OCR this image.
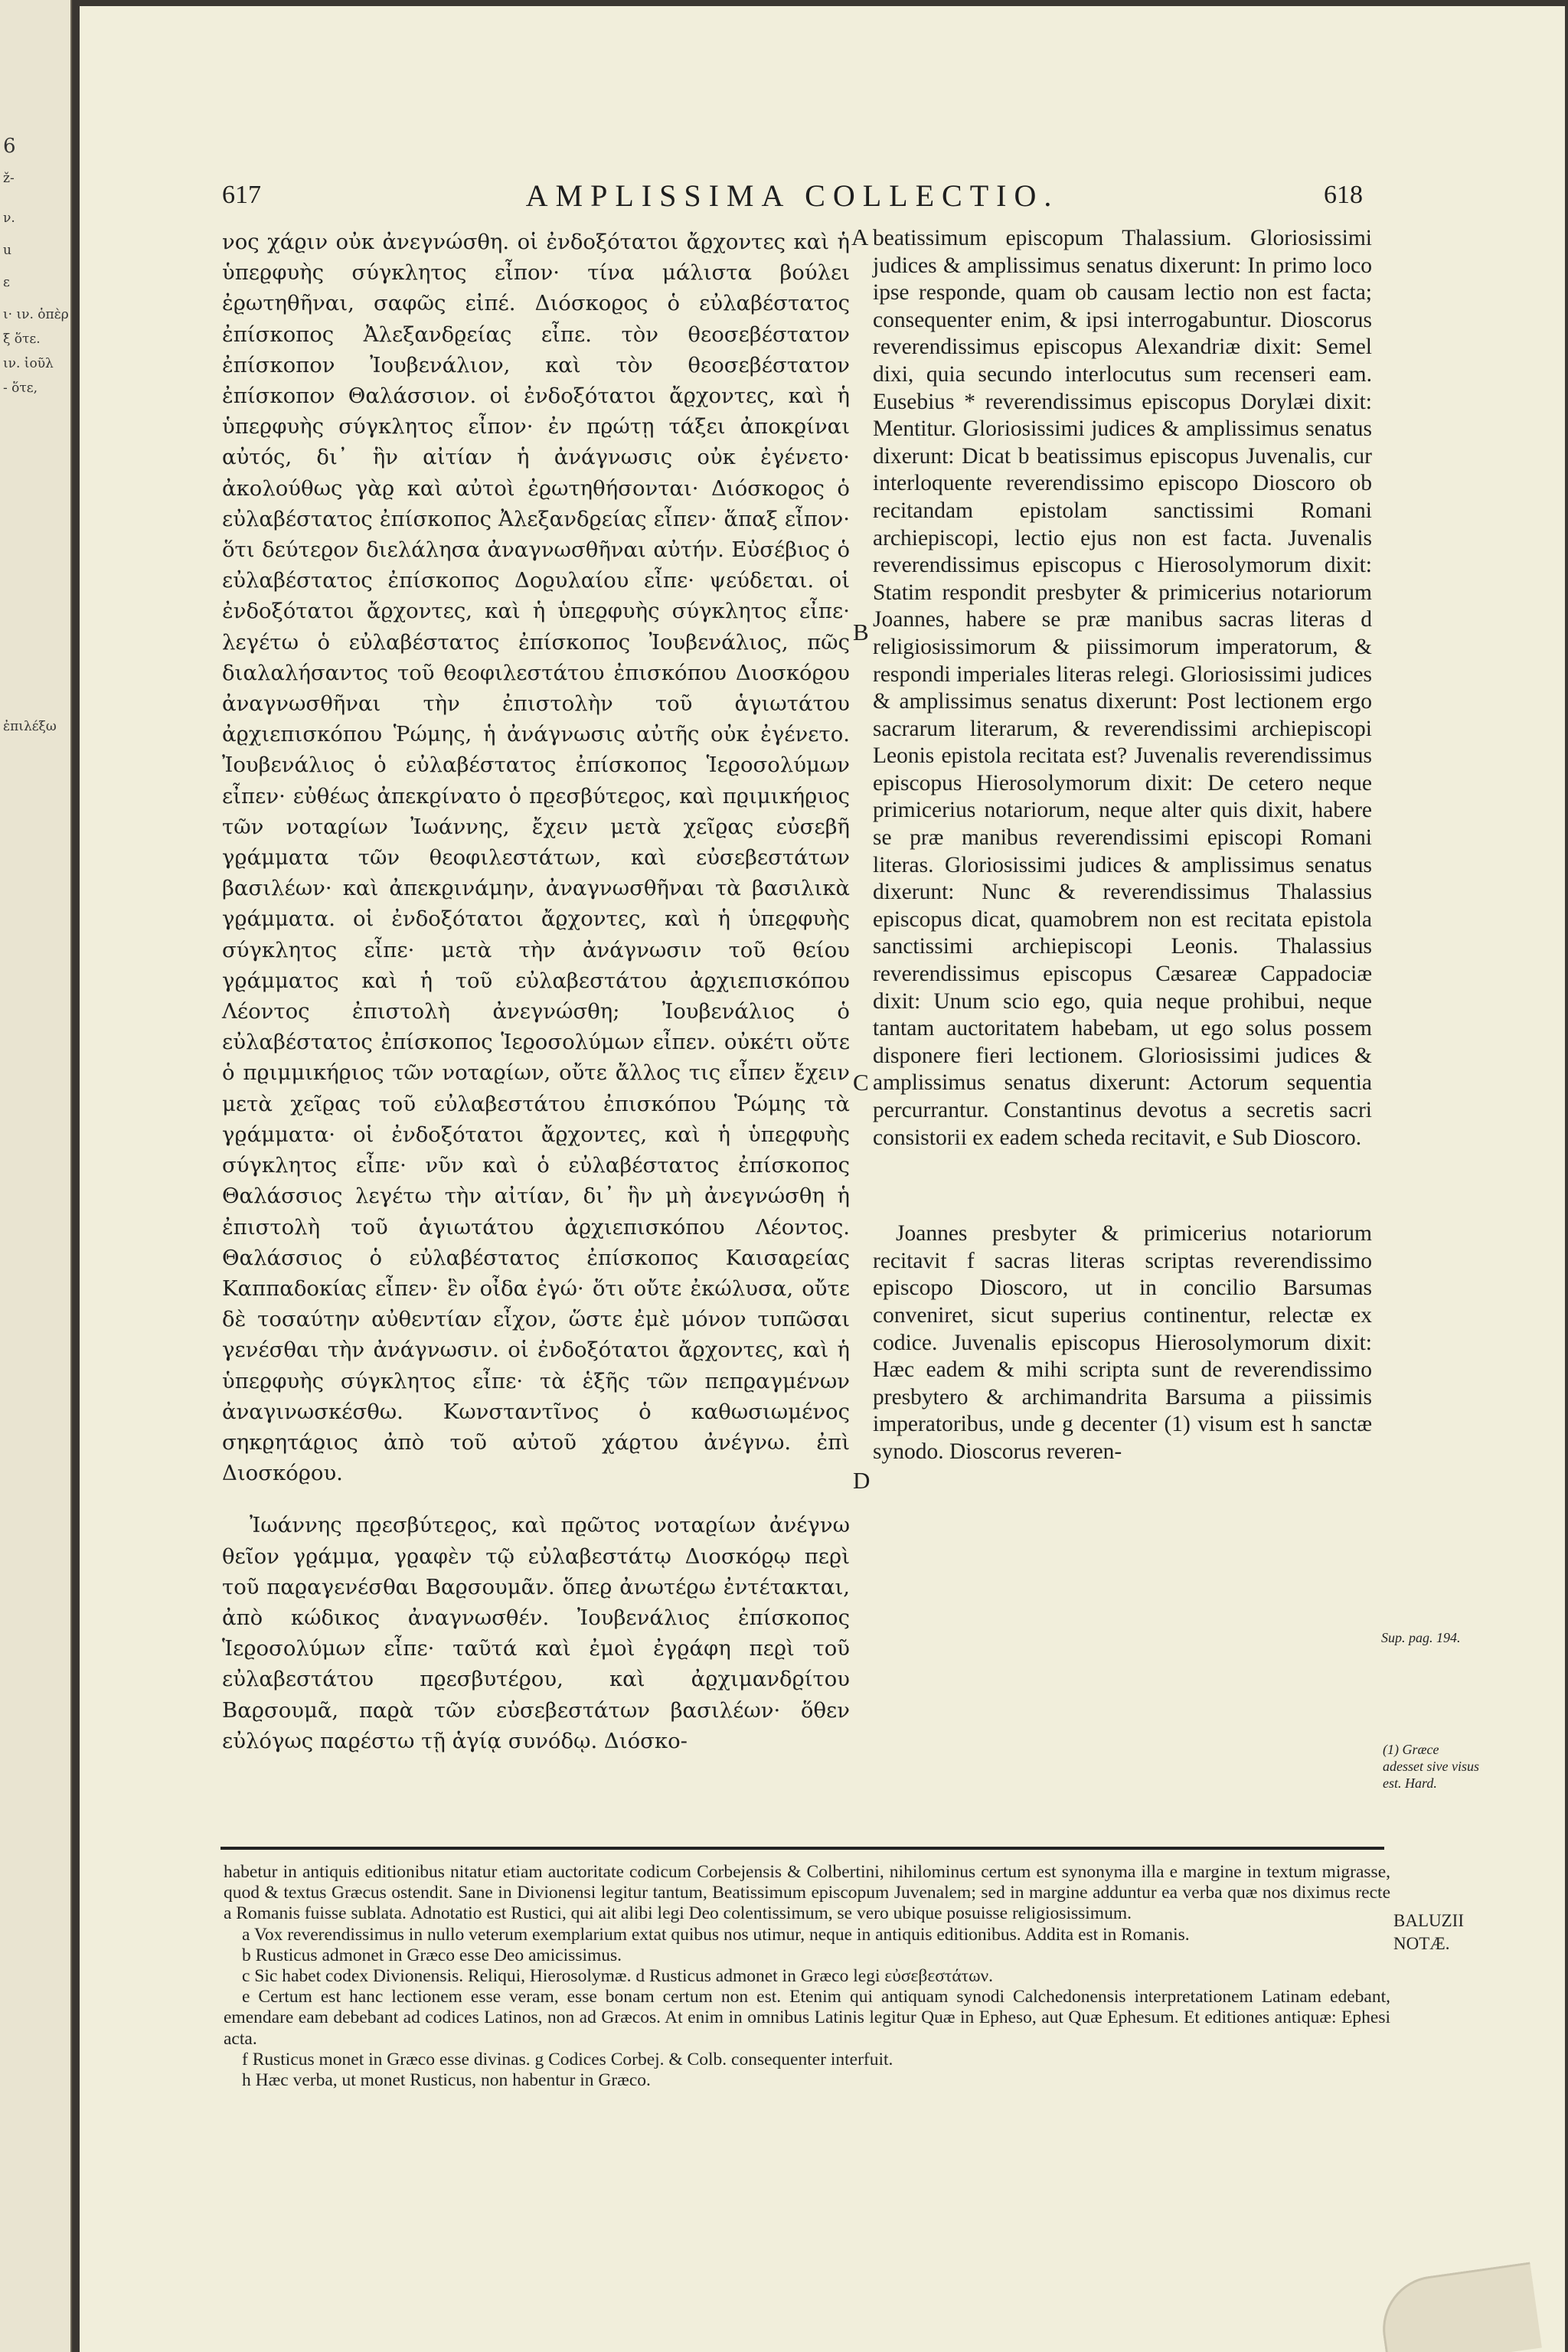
6
ž-
ν.
u
ε
ι· ιν. ὁπὲρ
ξ ὅτε.
ιν. ἰοῦλ
- ὅτε,
ἐπιλέξω
617	AMPLISSIMA COLLECTIO.	618

νος χάϱιν οὐκ ἀνεγνώσθη. οἱ ἐνδοξότατοι ἄϱχοντες καὶ ἡ ὑπεϱφυὴς σύγκλητος εἶπον· τίνα μάλιστα βούλει ἐϱωτηθῆναι, σαφῶς εἰπέ. Διόσκοϱος ὁ εὐλαβέστατος ἐπίσκοπος Ἀλεξανδϱείας εἶπε. τὸν θεοσεβέστατον ἐπίσκοπον Ἰουβενάλιον, καὶ τὸν θεοσεβέστατον ἐπίσκοπον Θαλάσσιον. οἱ ἐνδοξότατοι ἄϱχοντες, καὶ ἡ ὑπεϱφυὴς σύγκλητος εἶπον· ἐν πϱώτῃ τάξει ἀποκϱίναι αὐτός, δι᾽ ἣν αἰτίαν ἡ ἀνάγνωσις οὐκ ἐγένετο· ἀκολούθως γὰϱ καὶ αὐτοὶ ἐϱωτηθήσονται· Διόσκοϱος ὁ εὐλαβέστατος ἐπίσκοπος Ἀλεξανδϱείας εἶπεν· ἅπαξ εἶπον· ὅτι δεύτεϱον διελάλησα ἀναγνωσθῆναι αὐτήν. Εὐσέβιος ὁ εὐλαβέστατος ἐπίσκοπος Δοϱυλαίου εἶπε· ψεύδεται. οἱ ἐνδοξότατοι ἄϱχοντες, καὶ ἡ ὑπεϱφυὴς σύγκλητος εἶπε· λεγέτω ὁ εὐλαβέστατος ἐπίσκοπος Ἰουβενάλιος, πῶς διαλαλήσαντος τοῦ θεοφιλεστάτου ἐπισκόπου Διοσκόϱου ἀναγνωσθῆναι τὴν ἐπιστολὴν τοῦ ἁγιωτάτου ἀϱχιεπισκόπου Ῥώμης, ἡ ἀνάγνωσις αὐτῆς οὐκ ἐγένετο. Ἰουβενάλιος ὁ εὐλαβέστατος ἐπίσκοπος Ἱεϱοσολύμων εἶπεν· εὐθέως ἀπεκϱίνατο ὁ πϱεσβύτεϱος, καὶ πϱιμικήϱιος τῶν νοταϱίων Ἰωάννης, ἔχειν μετὰ χεῖϱας εὐσεβῆ γϱάμματα τῶν θεοφιλεστάτων, καὶ εὐσεβεστάτων βασιλέων· καὶ ἀπεκϱινάμην, ἀναγνωσθῆναι τὰ βασιλικὰ γϱάμματα. οἱ ἐνδοξότατοι ἄϱχοντες, καὶ ἡ ὑπεϱφυὴς σύγκλητος εἶπε· μετὰ τὴν ἀνάγνωσιν τοῦ θείου γϱάμματος καὶ ἡ τοῦ εὐλαβεστάτου ἀϱχιεπισκόπου Λέοντος ἐπιστολὴ ἀνεγνώσθη; Ἰουβενάλιος ὁ εὐλαβέστατος ἐπίσκοπος Ἱεϱοσολύμων εἶπεν. οὐκέτι οὔτε ὁ πϱιμμικήϱιος τῶν νοταϱίων, οὔτε ἄλλος τις εἶπεν ἔχειν μετὰ χεῖϱας τοῦ εὐλαβεστάτου ἐπισκόπου Ῥώμης τὰ γϱάμματα· οἱ ἐνδοξότατοι ἄϱχοντες, καὶ ἡ ὑπεϱφυὴς σύγκλητος εἶπε· νῦν καὶ ὁ εὐλαβέστατος ἐπίσκοπος Θαλάσσιος λεγέτω τὴν αἰτίαν, δι᾽ ἣν μὴ ἀνεγνώσθη ἡ ἐπιστολὴ τοῦ ἁγιωτάτου ἀϱχιεπισκόπου Λέοντος. Θαλάσσιος ὁ εὐλαβέστατος ἐπίσκοπος Καισαϱείας Καππαδοκίας εἶπεν· ἓν οἶδα ἐγώ· ὅτι οὔτε ἐκώλυσα, οὔτε δὲ τοσαύτην αὐθεντίαν εἶχον, ὥστε ἐμὲ μόνον τυπῶσαι γενέσθαι τὴν ἀνάγνωσιν. οἱ ἐνδοξότατοι ἄϱχοντες, καὶ ἡ ὑπεϱφυὴς σύγκλητος εἶπε· τὰ ἑξῆς τῶν πεπϱαγμένων ἀναγινωσκέσθω. Κωνσταντῖνος ὁ καθωσιωμένος σηκϱητάϱιος ἀπὸ τοῦ αὐτοῦ χάϱτου ἀνέγνω. ἐπὶ Διοσκόϱου.

Ἰωάννης πϱεσβύτεϱος, καὶ πϱῶτος νοταϱίων ἀνέγνω θεῖον γϱάμμα, γϱαφὲν τῷ εὐλαβεστάτῳ Διοσκόϱῳ πεϱὶ τοῦ παϱαγενέσθαι Βαϱσουμᾶν. ὅπεϱ ἀνωτέϱω ἐντέτακται, ἀπὸ κώδικος ἀναγνωσθέν. Ἰουβενάλιος ἐπίσκοπος Ἱεϱοσολύμων εἶπε· ταῦτά καὶ ἐμοὶ ἐγϱάφη πεϱὶ τοῦ εὐλαβεστάτου πϱεσβυτέϱου, καὶ ἀϱχιμανδϱίτου Βαϱσουμᾶ, παϱὰ τῶν εὐσεβεστάτων βασιλέων· ὅθεν εὐλόγως παϱέστω τῇ ἁγίᾳ συνόδῳ. Διόσκο-

beatissimum episcopum Thalassium. Gloriosissimi judices & amplissimus senatus dixerunt: In primo loco ipse responde, quam ob causam lectio non est facta; consequenter enim, & ipsi interrogabuntur. Dioscorus reverendissimus episcopus Alexandriæ dixit: Semel dixi, quia secundo interlocutus sum recenseri eam. Eusebius * reverendissimus episcopus Dorylæi dixit: Mentitur. Gloriosissimi judices & amplissimus senatus dixerunt: Dicat b beatissimus episcopus Juvenalis, cur interloquente reverendissimo episcopo Dioscoro ob recitandam epistolam sanctissimi Romani archiepiscopi, lectio ejus non est facta. Juvenalis reverendissimus episcopus c Hierosolymorum dixit: Statim respondit presbyter & primicerius notariorum Joannes, habere se præ manibus sacras literas d religiosissimorum & piissimorum imperatorum, & respondi imperiales literas relegi. Gloriosissimi judices & amplissimus senatus dixerunt: Post lectionem ergo sacrarum literarum, & reverendissimi archiepiscopi Leonis epistola recitata est? Juvenalis reverendissimus episcopus Hierosolymorum dixit: De cetero neque primicerius notariorum, neque alter quis dixit, habere se præ manibus reverendissimi episcopi Romani literas. Gloriosissimi judices & amplissimus senatus dixerunt: Nunc & reverendissimus Thalassius episcopus dicat, quamobrem non est recitata epistola sanctissimi archiepiscopi Leonis. Thalassius reverendissimus episcopus Cæsareæ Cappadociæ dixit: Unum scio ego, quia neque prohibui, neque tantam auctoritatem habebam, ut ego solus possem disponere fieri lectionem. Gloriosissimi judices & amplissimus senatus dixerunt: Actorum sequentia percurrantur. Constantinus devotus a secretis sacri consistorii ex eadem scheda recitavit, e Sub Dioscoro.

Joannes presbyter & primicerius notariorum recitavit f sacras literas scriptas reverendissimo episcopo Dioscoro, ut in concilio Barsumas conveniret, sicut superius continentur, relectæ ex codice. Juvenalis episcopus Hierosolymorum dixit: Hæc eadem & mihi scripta sunt de reverendissimo presbytero & archimandrita Barsuma a piissimis imperatoribus, unde g decenter (1) visum est h sanctæ synodo. Dioscorus reveren-

A
B
C
D
Sup. pag. 194.
(1) Græce adesset sive visus est. Hard.

habetur in antiquis editionibus nitatur etiam auctoritate codicum Corbejensis & Colbertini, nihilominus certum est synonyma illa e margine in textum migrasse, quod & textus Græcus ostendit. Sane in Divionensi legitur tantum, Beatissimum episcopum Juvenalem; sed in margine adduntur ea verba quæ nos diximus recte a Romanis fuisse sublata. Adnotatio est Rustici, qui ait alibi legi Deo colentissimum, se vero ubique posuisse religiosissimum.

a Vox reverendissimus in nullo veterum exemplarium extat quibus nos utimur, neque in antiquis editionibus. Addita est in Romanis.

b Rusticus admonet in Græco esse Deo amicissimus.

c Sic habet codex Divionensis. Reliqui, Hierosolymæ. d Rusticus admonet in Græco legi εὐσεβεστάτων.

e Certum est hanc lectionem esse veram, esse bonam certum non est. Etenim qui antiquam synodi Calchedonensis interpretationem Latinam edebant, emendare eam debebant ad codices Latinos, non ad Græcos. At enim in omnibus Latinis legitur Quæ in Epheso, aut Quæ Ephesum. Et editiones antiquæ: Ephesi acta.

f Rusticus monet in Græco esse divinas. g Codices Corbej. & Colb. consequenter interfuit.

h Hæc verba, ut monet Rusticus, non habentur in Græco.

BALUZII NOTÆ.
